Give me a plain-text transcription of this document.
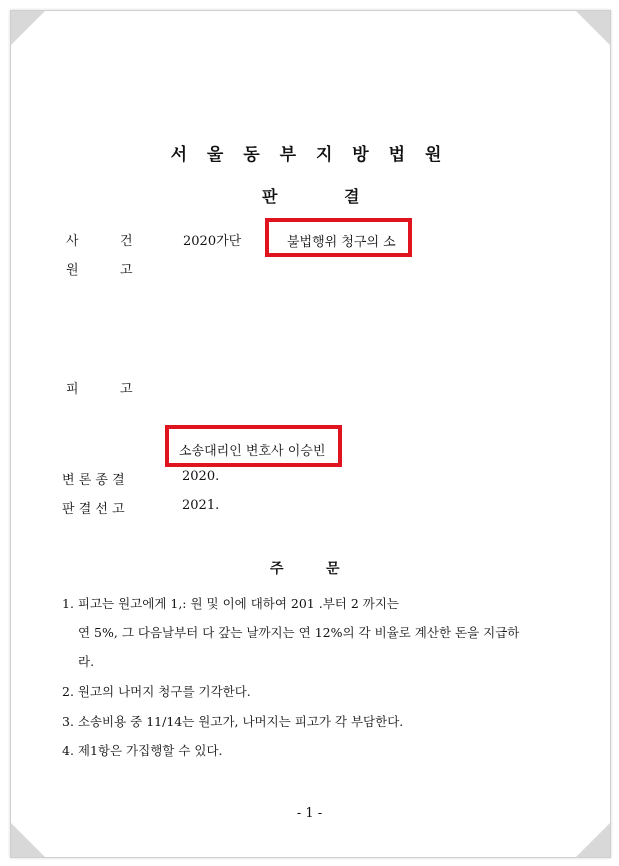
서 울 동 부 지 방 법 원
판	결
사	건	2020가단	불법행위 청구의 소
원	고
피	고
소송대리인 변호사 이승빈
변 론 종 결	2020.
판 결 선 고	2021.
주	문
1. 피고는 원고에게 1,: 원 및 이에 대하여 201 .부터 2 까지는
연 5%, 그 다음날부터 다 갚는 날까지는 연 12%의 각 비율로 계산한 돈을 지급하
라.
2. 원고의 나머지 청구를 기각한다.
3. 소송비용 중 11/14는 원고가, 나머지는 피고가 각 부담한다.
4. 제1항은 가집행할 수 있다.
- 1 -
